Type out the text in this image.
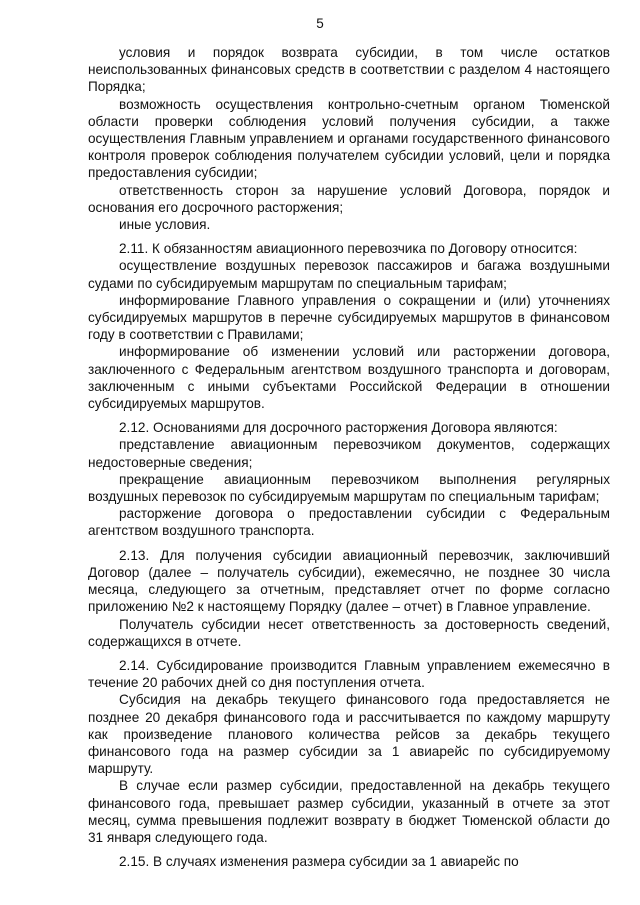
5

условия и порядок возврата субсидии, в том числе остатков неиспользованных финансовых средств в соответствии с разделом 4 настоящего Порядка;

возможность осуществления контрольно-счетным органом Тюменской области проверки соблюдения условий получения субсидии, а также осуществления Главным управлением и органами государственного финансового контроля проверок соблюдения получателем субсидии условий, цели и порядка предоставления субсидии;

ответственность сторон за нарушение условий Договора, порядок и основания его досрочного расторжения;

иные условия.

2.11. К обязанностям авиационного перевозчика по Договору относится:

осуществление воздушных перевозок пассажиров и багажа воздушными судами по субсидируемым маршрутам по специальным тарифам;

информирование Главного управления о сокращении и (или) уточнениях субсидируемых маршрутов в перечне субсидируемых маршрутов в финансовом году в соответствии с Правилами;

информирование об изменении условий или расторжении договора, заключенного с Федеральным агентством воздушного транспорта и договорам, заключенным с иными субъектами Российской Федерации в отношении субсидируемых маршрутов.

2.12. Основаниями для досрочного расторжения Договора являются:

представление авиационным перевозчиком документов, содержащих недостоверные сведения;

прекращение авиационным перевозчиком выполнения регулярных воздушных перевозок по субсидируемым маршрутам по специальным тарифам;

расторжение договора о предоставлении субсидии с Федеральным агентством воздушного транспорта.

2.13. Для получения субсидии авиационный перевозчик, заключивший Договор (далее – получатель субсидии), ежемесячно, не позднее 30 числа месяца, следующего за отчетным, представляет отчет по форме согласно приложению №2 к настоящему Порядку (далее – отчет) в Главное управление.

Получатель субсидии несет ответственность за достоверность сведений, содержащихся в отчете.

2.14. Субсидирование производится Главным управлением ежемесячно в течение 20 рабочих дней со дня поступления отчета.

Субсидия на декабрь текущего финансового года предоставляется не позднее 20 декабря финансового года и рассчитывается по каждому маршруту как произведение планового количества рейсов за декабрь текущего финансового года на размер субсидии за 1 авиарейс по субсидируемому маршруту.

В случае если размер субсидии, предоставленной на декабрь текущего финансового года, превышает размер субсидии, указанный в отчете за этот месяц, сумма превышения подлежит возврату в бюджет Тюменской области до 31 января следующего года.

2.15. В случаях изменения размера субсидии за 1 авиарейс по
